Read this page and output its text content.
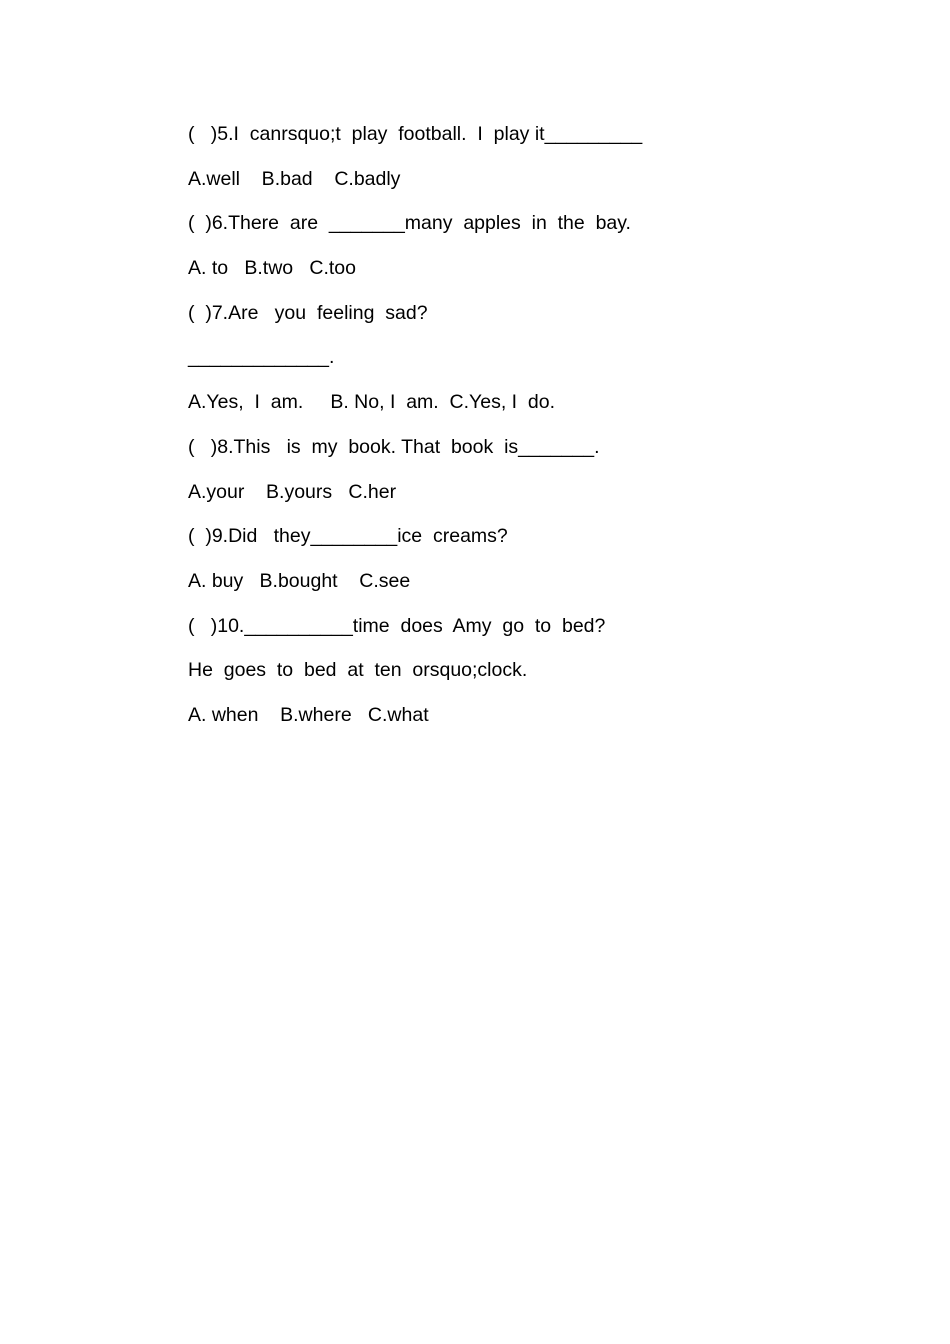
(   )5.I  canrsquo;t  play  football.  I  play it_________
A.well    B.bad    C.badly
(  )6.There  are  _______many  apples  in  the  bay.
A. to   B.two   C.too
(  )7.Are   you  feeling  sad?
_____________.
A.Yes,  I  am.     B. No, I  am.  C.Yes, I  do.
(   )8.This   is  my  book. That  book  is_______.
A.your    B.yours   C.her
(  )9.Did   they________ice  creams?
A. buy   B.bought    C.see
(   )10.__________time  does  Amy  go  to  bed?
He  goes  to  bed  at  ten  orsquo;clock.
A. when    B.where   C.what
